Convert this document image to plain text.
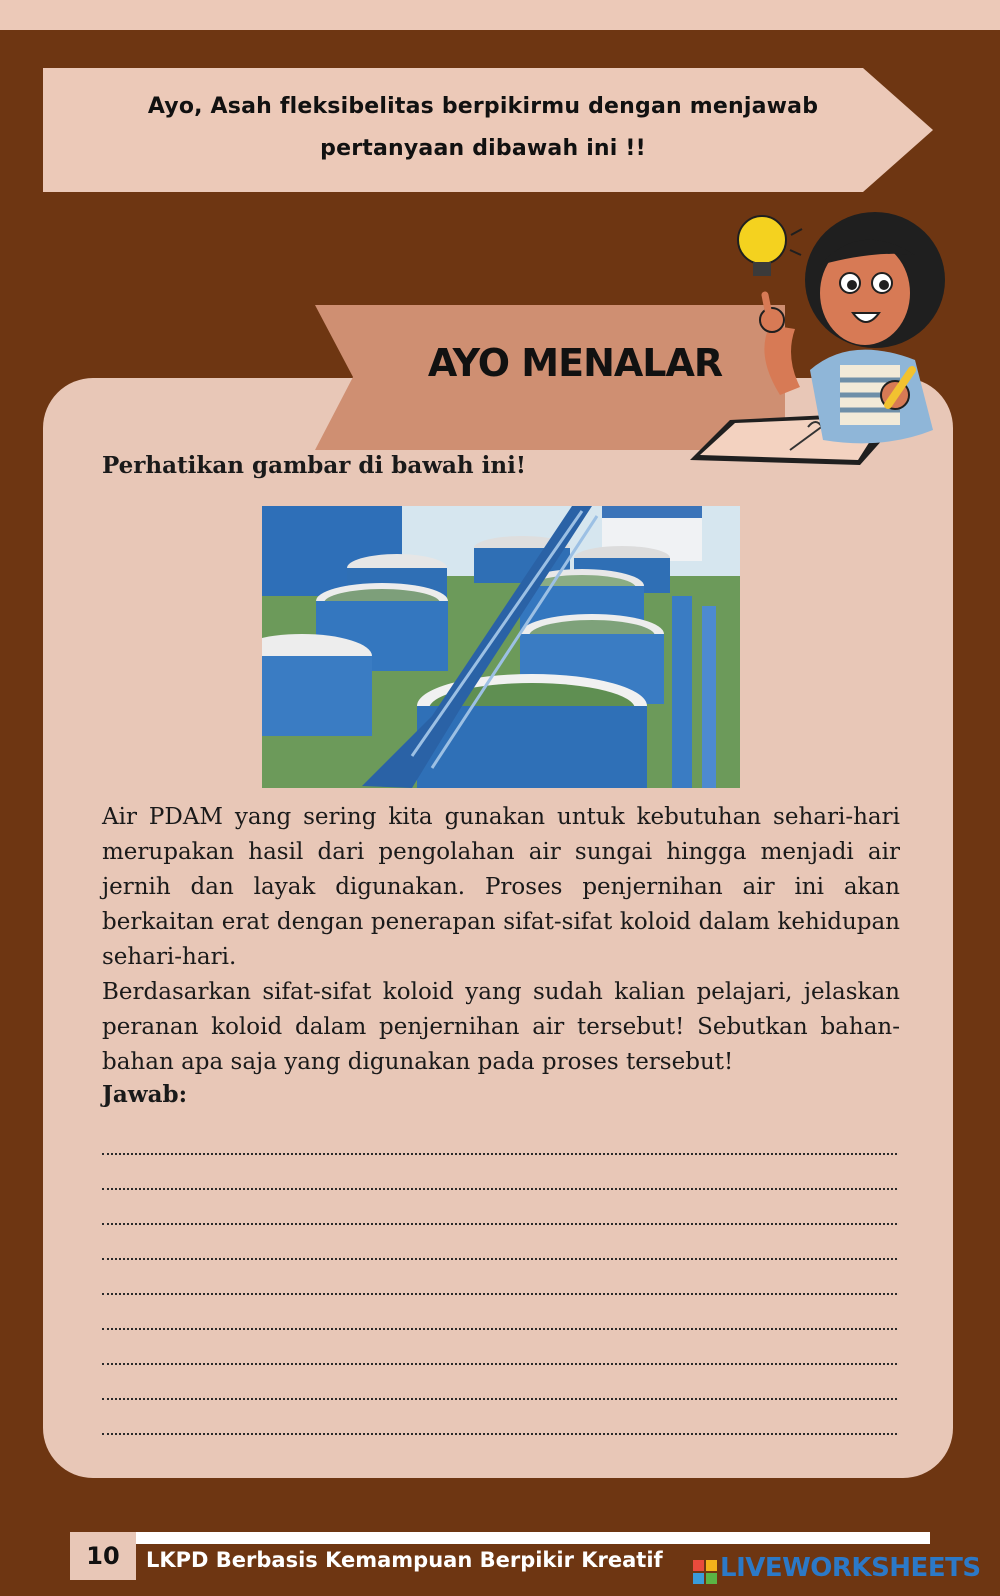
Ayo, Asah fleksibelitas berpikirmu dengan menjawab
pertanyaan dibawah ini !!
AYO MENALAR
Perhatikan gambar di bawah ini!

Air PDAM yang sering kita gunakan untuk kebutuhan sehari-hari merupakan hasil dari pengolahan air sungai hingga menjadi air jernih dan layak digunakan. Proses penjernihan air ini akan berkaitan erat dengan penerapan sifat-sifat koloid dalam kehidupan sehari-hari.

Berdasarkan sifat-sifat koloid yang sudah kalian pelajari, jelaskan peranan koloid dalam penjernihan air tersebut! Sebutkan bahan-bahan apa saja yang digunakan pada proses tersebut!

Jawab:
10	LKPD Berbasis Kemampuan Berpikir Kreatif LIVEWORKSHEETS
